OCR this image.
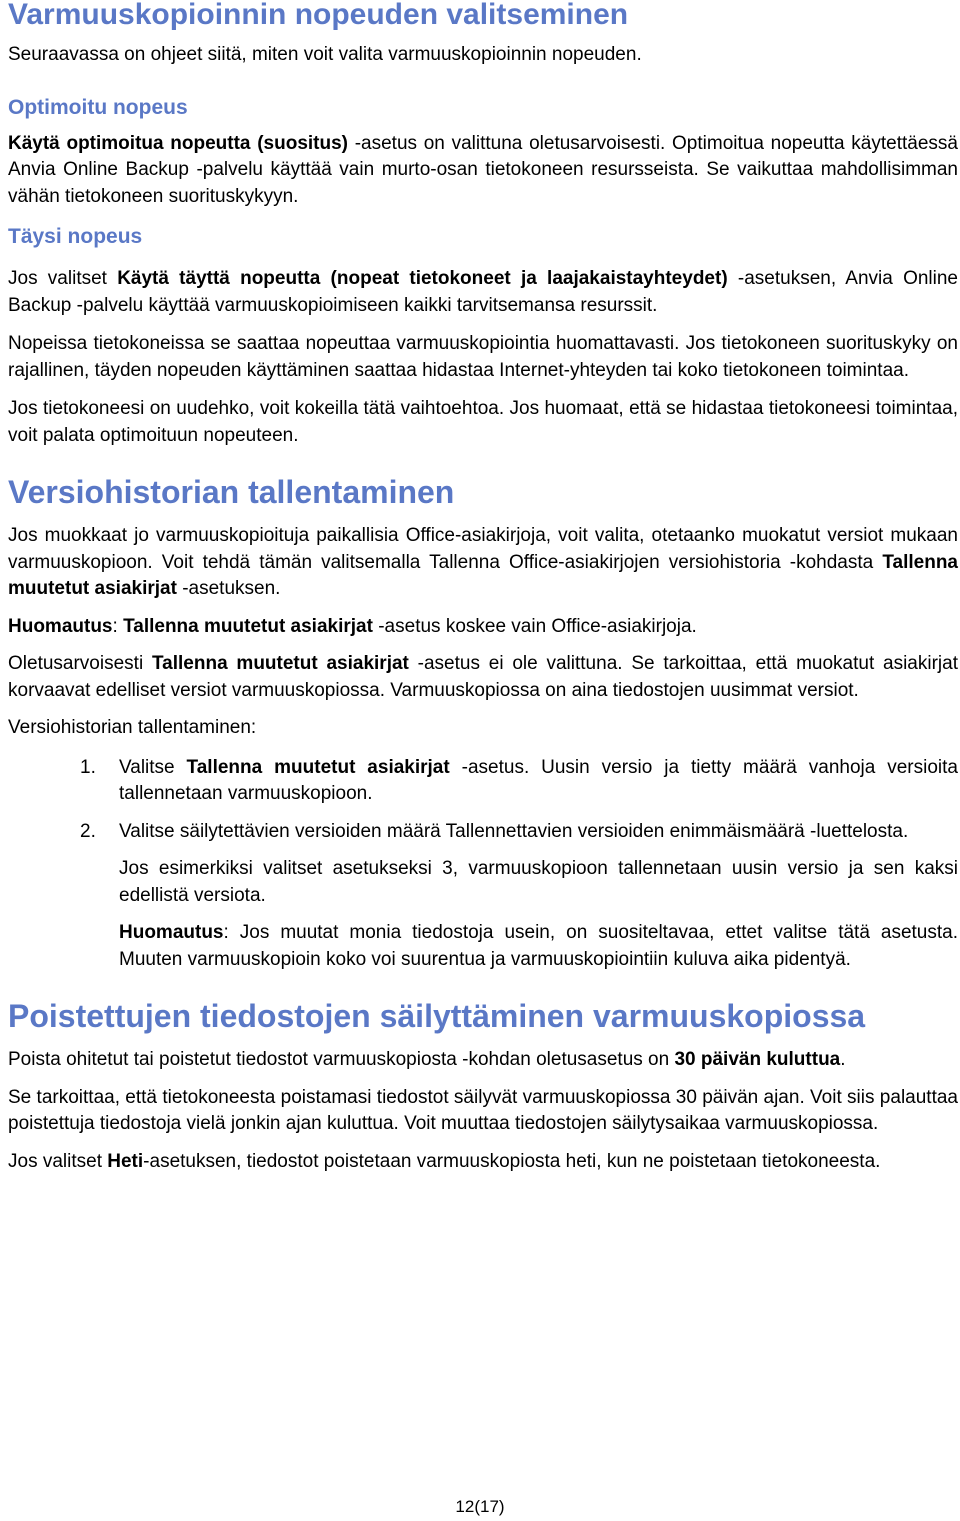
Varmuuskopioinnin nopeuden valitseminen

Seuraavassa on ohjeet siitä, miten voit valita varmuuskopioinnin nopeuden.

Optimoitu nopeus

Käytä optimoitua nopeutta (suositus) -asetus on valittuna oletusarvoisesti. Optimoitua nopeutta käytettäessä Anvia Online Backup -palvelu käyttää vain murto-osan tietokoneen resursseista. Se vaikuttaa mahdollisimman vähän tietokoneen suorituskykyyn.

Täysi nopeus

Jos valitset Käytä täyttä nopeutta (nopeat tietokoneet ja laajakaistayhteydet) -asetuksen, Anvia Online Backup -palvelu käyttää varmuuskopioimiseen kaikki tarvitsemansa resurssit.

Nopeissa tietokoneissa se saattaa nopeuttaa varmuuskopiointia huomattavasti. Jos tietokoneen suorituskyky on rajallinen, täyden nopeuden käyttäminen saattaa hidastaa Internet-yhteyden tai koko tietokoneen toimintaa.

Jos tietokoneesi on uudehko, voit kokeilla tätä vaihtoehtoa. Jos huomaat, että se hidastaa tietokoneesi toimintaa, voit palata optimoituun nopeuteen.

Versiohistorian tallentaminen

Jos muokkaat jo varmuuskopioituja paikallisia Office-asiakirjoja, voit valita, otetaanko muokatut versiot mukaan varmuuskopioon. Voit tehdä tämän valitsemalla Tallenna Office-asiakirjojen versiohistoria -kohdasta Tallenna muutetut asiakirjat -asetuksen.

Huomautus: Tallenna muutetut asiakirjat -asetus koskee vain Office-asiakirjoja.

Oletusarvoisesti Tallenna muutetut asiakirjat -asetus ei ole valittuna. Se tarkoittaa, että muokatut asiakirjat korvaavat edelliset versiot varmuuskopiossa. Varmuuskopiossa on aina tiedostojen uusimmat versiot.

Versiohistorian tallentaminen:

1. Valitse Tallenna muutetut asiakirjat -asetus. Uusin versio ja tietty määrä vanhoja versioita tallennetaan varmuuskopioon.

2. Valitse säilytettävien versioiden määrä Tallennettavien versioiden enimmäismäärä -luettelosta.

Jos esimerkiksi valitset asetukseksi 3, varmuuskopioon tallennetaan uusin versio ja sen kaksi edellistä versiota.

Huomautus: Jos muutat monia tiedostoja usein, on suositeltavaa, ettet valitse tätä asetusta. Muuten varmuuskopioin koko voi suurentua ja varmuuskopiointiin kuluva aika pidentyä.

Poistettujen tiedostojen säilyttäminen varmuuskopiossa

Poista ohitetut tai poistetut tiedostot varmuuskopiosta -kohdan oletusasetus on 30 päivän kuluttua.

Se tarkoittaa, että tietokoneesta poistamasi tiedostot säilyvät varmuuskopiossa 30 päivän ajan. Voit siis palauttaa poistettuja tiedostoja vielä jonkin ajan kuluttua. Voit muuttaa tiedostojen säilytysaikaa varmuuskopiossa.

Jos valitset Heti-asetuksen, tiedostot poistetaan varmuuskopiosta heti, kun ne poistetaan tietokoneesta.

12(17)
